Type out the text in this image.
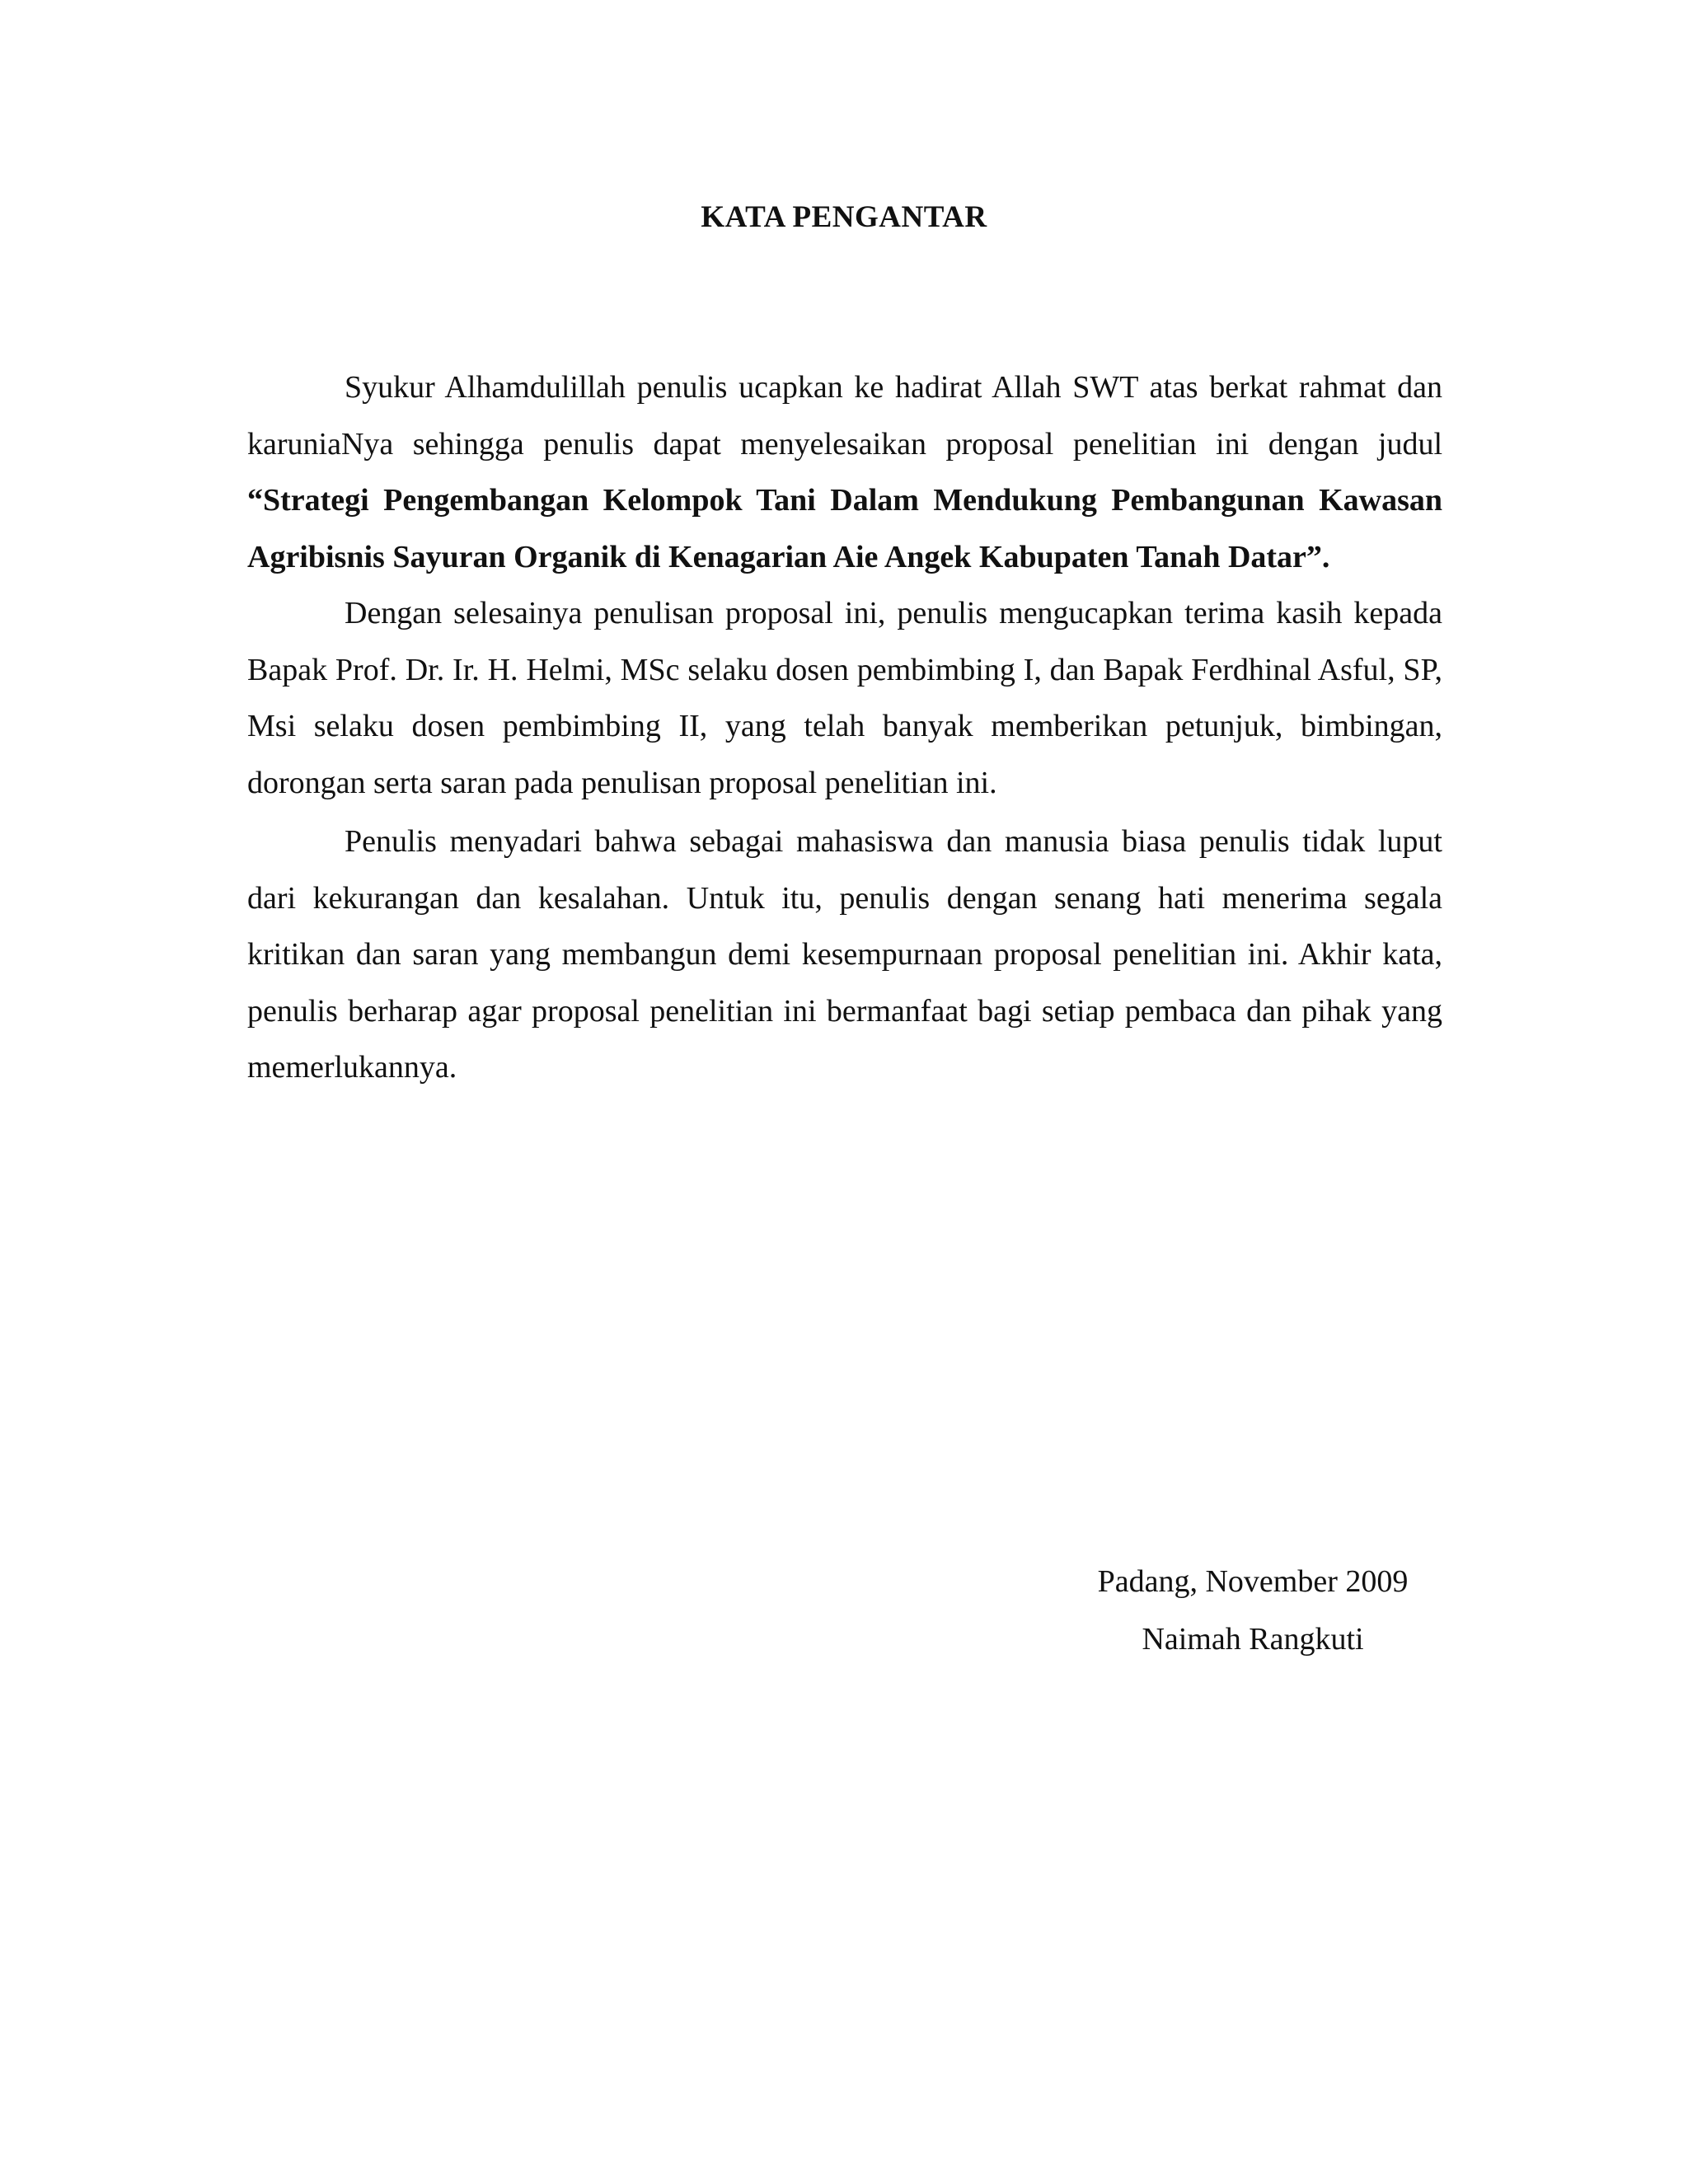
KATA PENGANTAR

Syukur Alhamdulillah penulis ucapkan ke hadirat Allah SWT atas berkat rahmat dan karuniaNya sehingga penulis dapat menyelesaikan proposal penelitian ini dengan judul “Strategi Pengembangan Kelompok Tani Dalam Mendukung Pembangunan Kawasan Agribisnis Sayuran Organik di Kenagarian Aie Angek Kabupaten Tanah Datar”.

Dengan selesainya penulisan proposal ini, penulis mengucapkan terima kasih kepada Bapak Prof. Dr. Ir. H. Helmi, MSc selaku dosen pembimbing I, dan Bapak Ferdhinal Asful, SP, Msi selaku dosen pembimbing II, yang telah banyak memberikan petunjuk, bimbingan, dorongan serta saran pada penulisan proposal penelitian ini.

Penulis menyadari bahwa sebagai mahasiswa dan manusia biasa penulis tidak luput dari kekurangan dan kesalahan. Untuk itu, penulis dengan senang hati menerima segala kritikan dan saran yang membangun demi kesempurnaan proposal penelitian ini. Akhir kata, penulis berharap agar proposal penelitian ini bermanfaat bagi setiap pembaca dan pihak yang memerlukannya.

Padang, November 2009
Naimah Rangkuti
